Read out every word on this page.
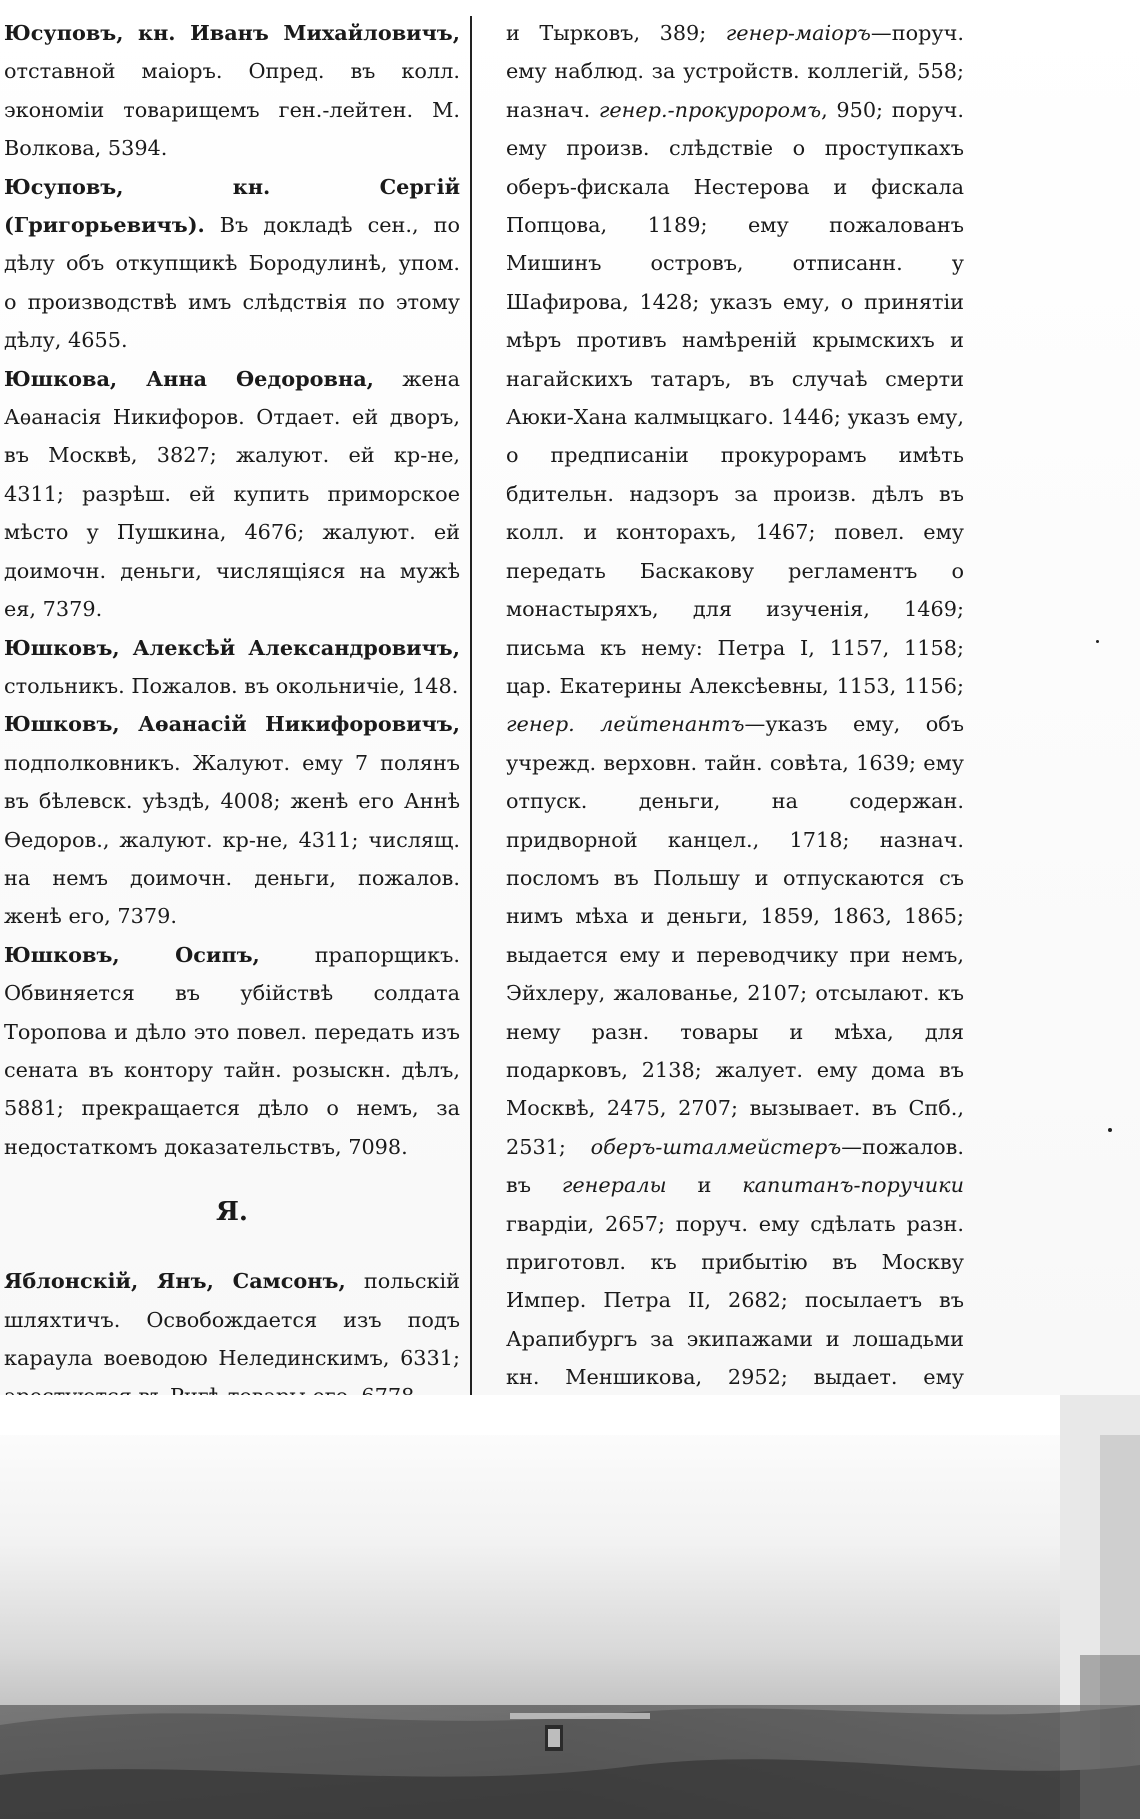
Юсуповъ, кн. Иванъ Михайловичъ, отставной маіоръ. Опред. въ колл. экономіи товарищемъ ген.-лейтен. М. Волкова, 5394.

Юсуповъ, кн. Сергій (Григорьевичъ). Въ докладѣ сен., по дѣлу объ откупщикѣ Бородулинѣ, упом. о производствѣ имъ слѣдствія по этому дѣлу, 4655.

Юшкова, Анна Ѳедоровна, жена Аѳанасія Никифоров. Отдает. ей дворъ, въ Москвѣ, 3827; жалуют. ей кр-не, 4311; разрѣш. ей купить приморское мѣсто у Пушкина, 4676; жалуют. ей доимочн. деньги, числящіяся на мужѣ ея, 7379.

Юшковъ, Алексѣй Александровичъ, стольникъ. Пожалов. въ окольничіе, 148.

Юшковъ, Аѳанасій Никифоровичъ, подполковникъ. Жалуют. ему 7 полянъ въ бѣлевск. уѣздѣ, 4008; женѣ его Аннѣ Ѳедоров., жалуют. кр-не, 4311; числящ. на немъ доимочн. деньги, пожалов. женѣ его, 7379.

Юшковъ, Осипъ, прапорщикъ. Обвиняется въ убійствѣ солдата Торопова и дѣло это повел. передать изъ сената въ контору тайн. розыскн. дѣлъ, 5881; прекращается дѣло о немъ, за недостаткомъ доказательствъ, 7098.

Я.

Яблонскій, Янъ, Самсонъ, польскій шляхтичъ. Освобождается изъ подъ караула воеводою Нелединскимъ, 6331;

и Тырковъ, 389; генер-маіоръ—поруч. ему наблюд. за устройств. коллегій, 558; назнач. генер.-прокуроромъ, 950; поруч. ему произв. слѣдствіе о проступкахъ оберъ-фискала Нестерова и фискала Попцова, 1189; ему пожалованъ Мишинъ островъ, отписанн. у Шафирова, 1428; указъ ему, о принятіи мѣръ противъ намѣреній крымскихъ и нагайскихъ татаръ, въ случаѣ смерти Аюки-Хана калмыцкаго. 1446; указъ ему, о предписаніи прокурорамъ имѣть бдительн. надзоръ за произв. дѣлъ въ колл. и конторахъ, 1467; повел. ему передать Баскакову регламентъ о монастыряхъ, для изученія, 1469; письма къ нему: Петра I, 1157, 1158; цар. Екатерины Алексѣевны, 1153, 1156; генер. лейтенантъ—указъ ему, объ учрежд. верховн. тайн. совѣта, 1639; ему отпуск. деньги, на содержан. придворной канцел., 1718; назнач. посломъ въ Польшу и отпускаются съ нимъ мѣха и деньги, 1859, 1863, 1865; выдается ему и переводчику при немъ, Эйхлеру, жалованье, 2107; отсылают. къ нему разн. товары и мѣха, для подарковъ, 2138; жалует. ему дома въ Москвѣ, 2475, 2707; вызывает. въ Спб., 2531; оберъ-шталмейстеръ—пожалов. въ генералы и капитанъ-поручики гвардіи, 2657; поруч. ему сдѣлать разн. приготовл. къ прибытію въ Москву Импер. Петра II, 2682; посылаетъ въ Арапибургъ за экипажами и лошадьми кн. Меншикова, 2952; выдает. ему
